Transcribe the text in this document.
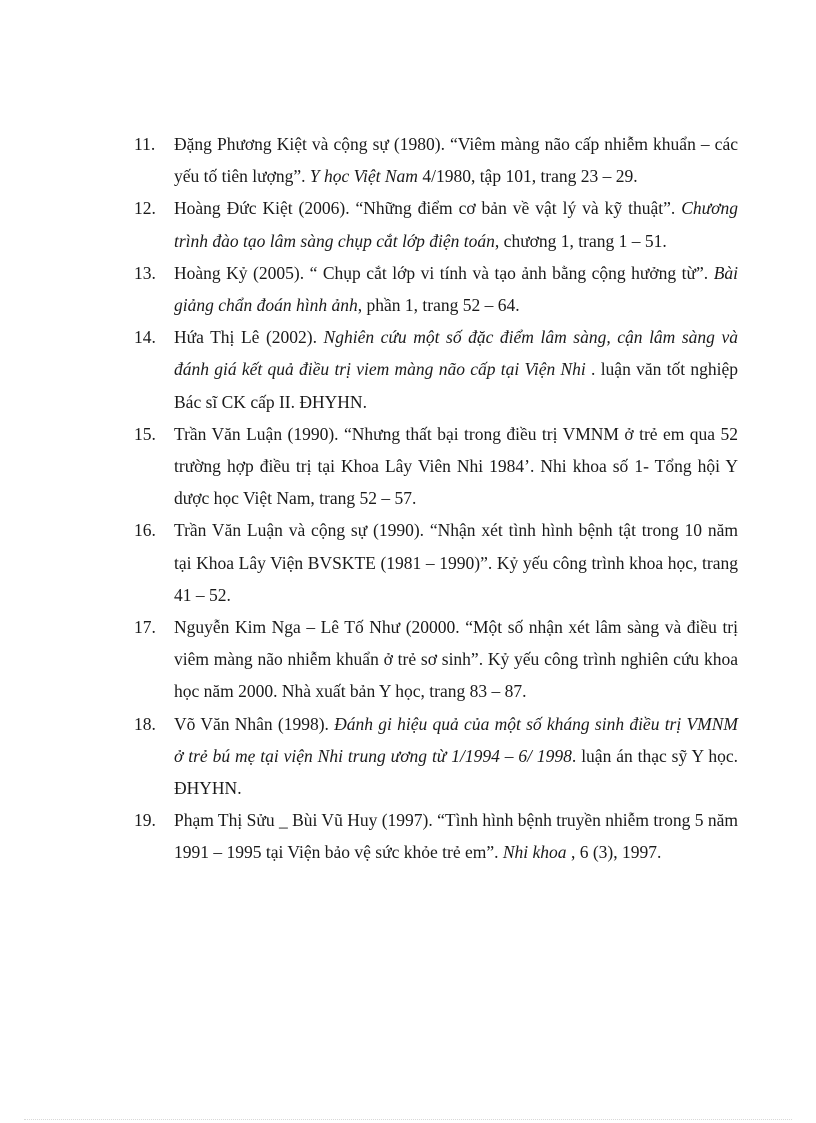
11.	Đặng Phương Kiệt và cộng sự (1980). “Viêm màng não cấp nhiễm khuẩn – các yếu tố tiên lượng”. Y học Việt Nam 4/1980, tập 101, trang 23 – 29.
12.	Hoàng Đức Kiệt (2006). “Những điểm cơ bản về vật lý và kỹ thuật”. Chương trình đào tạo lâm sàng chụp cắt lớp điện toán, chương 1, trang 1 – 51.
13.	Hoàng Kỷ (2005). “ Chụp cắt lớp vi tính và tạo ảnh bằng cộng hưởng từ”. Bài giảng chẩn đoán hình ảnh, phần 1, trang 52 – 64.
14.	Hứa Thị Lê (2002). Nghiên cứu một số đặc điểm lâm sàng, cận lâm sàng và đánh giá kết quả điều trị viem màng não cấp tại Viện Nhi . luận văn tốt nghiệp Bác sĩ CK cấp II. ĐHYHN.
15.	Trần Văn Luận (1990). “Nhưng thất bại trong điều trị VMNM ở trẻ em qua 52 trường hợp điều trị tại Khoa Lây Viên Nhi 1984’. Nhi khoa số 1- Tổng hội Y dược học Việt Nam, trang 52 – 57.
16.	Trần Văn Luận và cộng sự (1990). “Nhận xét tình hình bệnh tật trong 10 năm tại Khoa Lây Viện BVSKTE (1981 – 1990)”. Kỷ yếu công trình khoa học, trang 41 – 52.
17.	Nguyễn Kim Nga – Lê Tố Như (20000. “Một số nhận xét lâm sàng và điều trị viêm màng não nhiễm khuẩn ở trẻ sơ sinh”. Kỷ yếu công trình nghiên cứu khoa học năm 2000. Nhà xuất bản Y học, trang 83 – 87.
18.	Võ Văn Nhân (1998). Đánh gi hiệu quả của một số kháng sinh điều trị VMNM ở trẻ bú mẹ tại viện Nhi trung ương từ 1/1994 – 6/ 1998. luận án thạc sỹ Y học. ĐHYHN.
19.	Phạm Thị Sửu _ Bùi Vũ Huy (1997). “Tình hình bệnh truyền nhiễm trong 5 năm 1991 – 1995 tại Viện bảo vệ sức khỏe trẻ em”. Nhi khoa , 6 (3), 1997.
